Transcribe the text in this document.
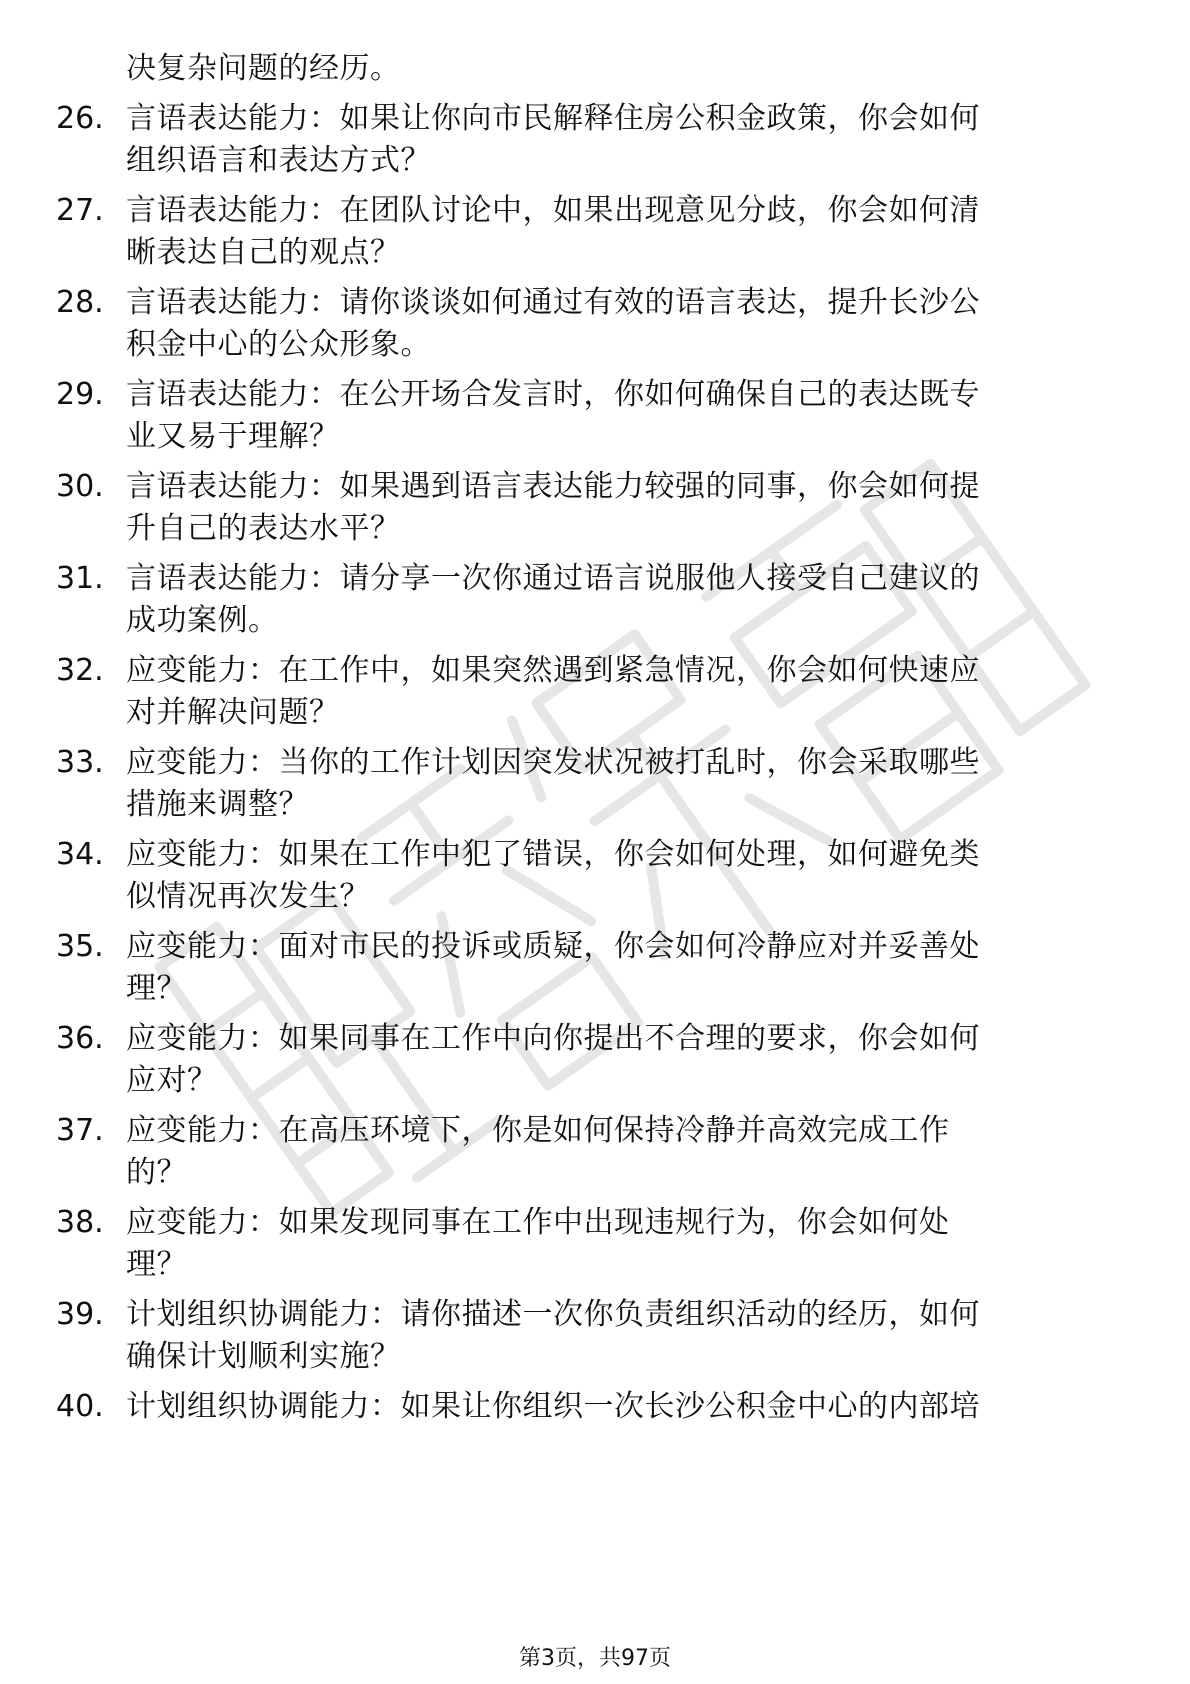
决复杂问题的经历。
26. 言语表达能力：如果让你向市民解释住房公积金政策，你会如何
组织语言和表达方式？
27. 言语表达能力：在团队讨论中，如果出现意见分歧，你会如何清
晰表达自己的观点？
28. 言语表达能力：请你谈谈如何通过有效的语言表达，提升长沙公
积金中心的公众形象。
29. 言语表达能力：在公开场合发言时，你如何确保自己的表达既专
业又易于理解？
30. 言语表达能力：如果遇到语言表达能力较强的同事，你会如何提
升自己的表达水平？
31. 言语表达能力：请分享一次你通过语言说服他人接受自己建议的
成功案例。
32. 应变能力：在工作中，如果突然遇到紧急情况，你会如何快速应
对并解决问题？
33. 应变能力：当你的工作计划因突发状况被打乱时，你会采取哪些
措施来调整？
34. 应变能力：如果在工作中犯了错误，你会如何处理，如何避免类
似情况再次发生？
35. 应变能力：面对市民的投诉或质疑，你会如何冷静应对并妥善处
理？
36. 应变能力：如果同事在工作中向你提出不合理的要求，你会如何
应对？
37. 应变能力：在高压环境下，你是如何保持冷静并高效完成工作
的？
38. 应变能力：如果发现同事在工作中出现违规行为，你会如何处
理？
39. 计划组织协调能力：请你描述一次你负责组织活动的经历，如何
确保计划顺利实施？
40. 计划组织协调能力：如果让你组织一次长沙公积金中心的内部培
第3页，共97页
